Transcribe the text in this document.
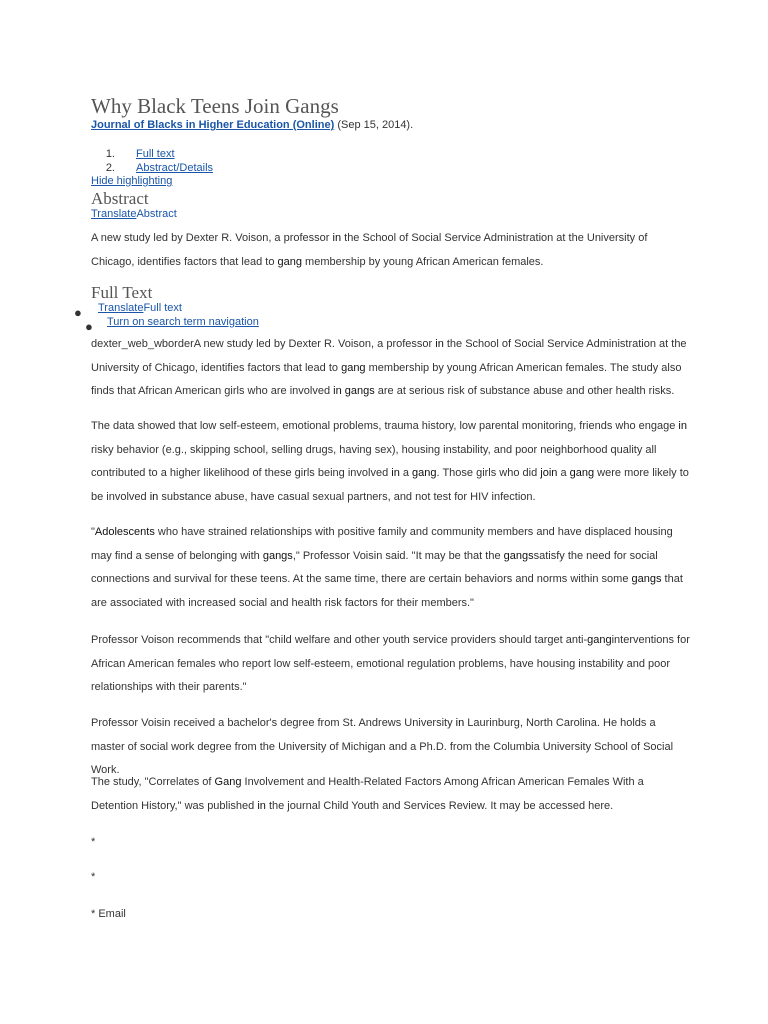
Why Black Teens Join Gangs
Journal of Blacks in Higher Education (Online) (Sep 15, 2014).
1. Full text
2. Abstract/Details
Hide highlighting
Abstract
TranslateAbstract

A new study led by Dexter R. Voison, a professor in the School of Social Service Administration at the University of Chicago, identifies factors that lead to gang membership by young African American females.

Full Text
● TranslateFull text
● Turn on search term navigation

dexter_web_wborderA new study led by Dexter R. Voison, a professor in the School of Social Service Administration at the University of Chicago, identifies factors that lead to gang membership by young African American females. The study also finds that African American girls who are involved in gangs are at serious risk of substance abuse and other health risks.

The data showed that low self-esteem, emotional problems, trauma history, low parental monitoring, friends who engage in risky behavior (e.g., skipping school, selling drugs, having sex), housing instability, and poor neighborhood quality all contributed to a higher likelihood of these girls being involved in a gang. Those girls who did join a gang were more likely to be involved in substance abuse, have casual sexual partners, and not test for HIV infection.

"Adolescents who have strained relationships with positive family and community members and have displaced housing may find a sense of belonging with gangs," Professor Voisin said. "It may be that the gangssatisfy the need for social connections and survival for these teens. At the same time, there are certain behaviors and norms within some gangs that are associated with increased social and health risk factors for their members."

Professor Voison recommends that "child welfare and other youth service providers should target anti-ganginterventions for African American females who report low self-esteem, emotional regulation problems, have housing instability and poor relationships with their parents."

Professor Voisin received a bachelor's degree from St. Andrews University in Laurinburg, North Carolina. He holds a master of social work degree from the University of Michigan and a Ph.D. from the Columbia University School of Social Work.

The study, "Correlates of Gang Involvement and Health-Related Factors Among African American Females With a Detention History," was published in the journal Child Youth and Services Review. It may be accessed here.

*
*
* Email
